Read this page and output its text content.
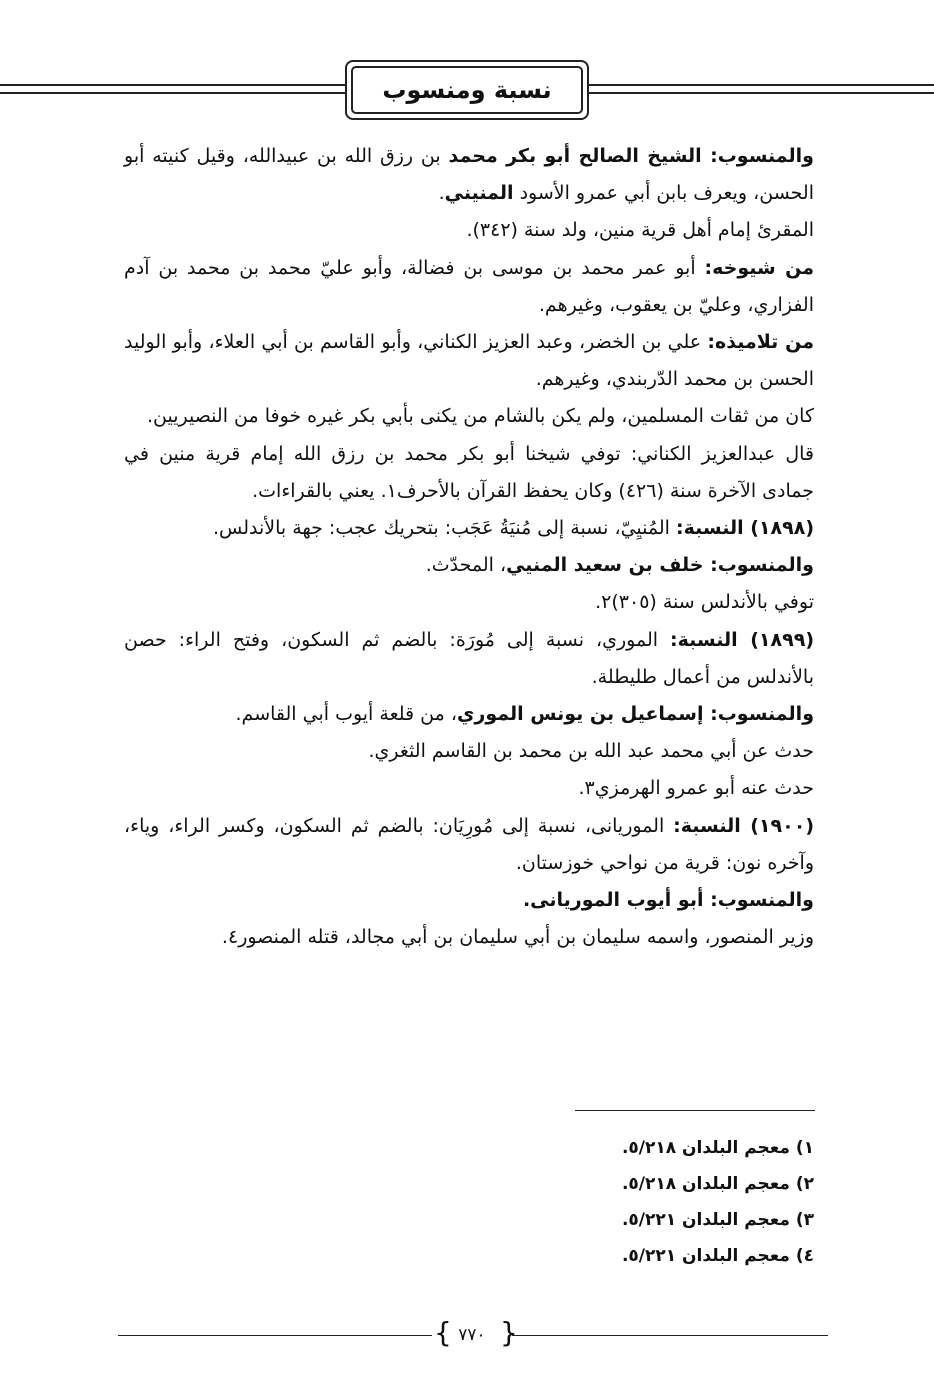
نسبة ومنسوب

والمنسوب: الشيخ الصالح أبو بكر محمد بن رزق الله بن عبيدالله، وقيل كنيته أبو الحسن، ويعرف بابن أبي عمرو الأسود المنيني.

المقرئ إمام أهل قرية منين، ولد سنة (٣٤٢).

من شيوخه: أبو عمر محمد بن موسى بن فضالة، وأبو عليّ محمد بن محمد بن آدم الفزاري، وعليّ بن يعقوب، وغيرهم.

من تلاميذه: علي بن الخضر، وعبد العزيز الكناني، وأبو القاسم بن أبي العلاء، وأبو الوليد الحسن بن محمد الدّربندي، وغيرهم.

كان من ثقات المسلمين، ولم يكن بالشام من يكنى بأبي بكر غيره خوفا من النصيريين.

قال عبدالعزيز الكناني: توفي شيخنا أبو بكر محمد بن رزق الله إمام قرية منين في جمادى الآخرة سنة (٤٢٦) وكان يحفظ القرآن بالأحرف١. يعني بالقراءات.

(١٨٩٨) النسبة: المُنيِيّ، نسبة إلى مُنيَةُ عَجَب: بتحريك عجب: جهة بالأندلس.

والمنسوب: خلف بن سعيد المنيي، المحدّث.

توفي بالأندلس سنة (٣٠٥)٢.

(١٨٩٩) النسبة: الموري، نسبة إلى مُورَة: بالضم ثم السكون، وفتح الراء: حصن بالأندلس من أعمال طليطلة.

والمنسوب: إسماعيل بن يونس الموري، من قلعة أيوب أبي القاسم.

حدث عن أبي محمد عبد الله بن محمد بن القاسم الثغري.

حدث عنه أبو عمرو الهرمزي٣.

(١٩٠٠) النسبة: الموريانى، نسبة إلى مُورِيَان: بالضم ثم السكون، وكسر الراء، وياء، وآخره نون: قرية من نواحي خوزستان.

والمنسوب: أبو أيوب الموريانى.

وزير المنصور، واسمه سليمان بن أبي سليمان بن أبي مجالد، قتله المنصور٤.

١) معجم البلدان ٥/٢١٨.
٢) معجم البلدان ٥/٢١٨.
٣) معجم البلدان ٥/٢٢١.
٤) معجم البلدان ٥/٢٢١.
{ ٧٧٠ }
